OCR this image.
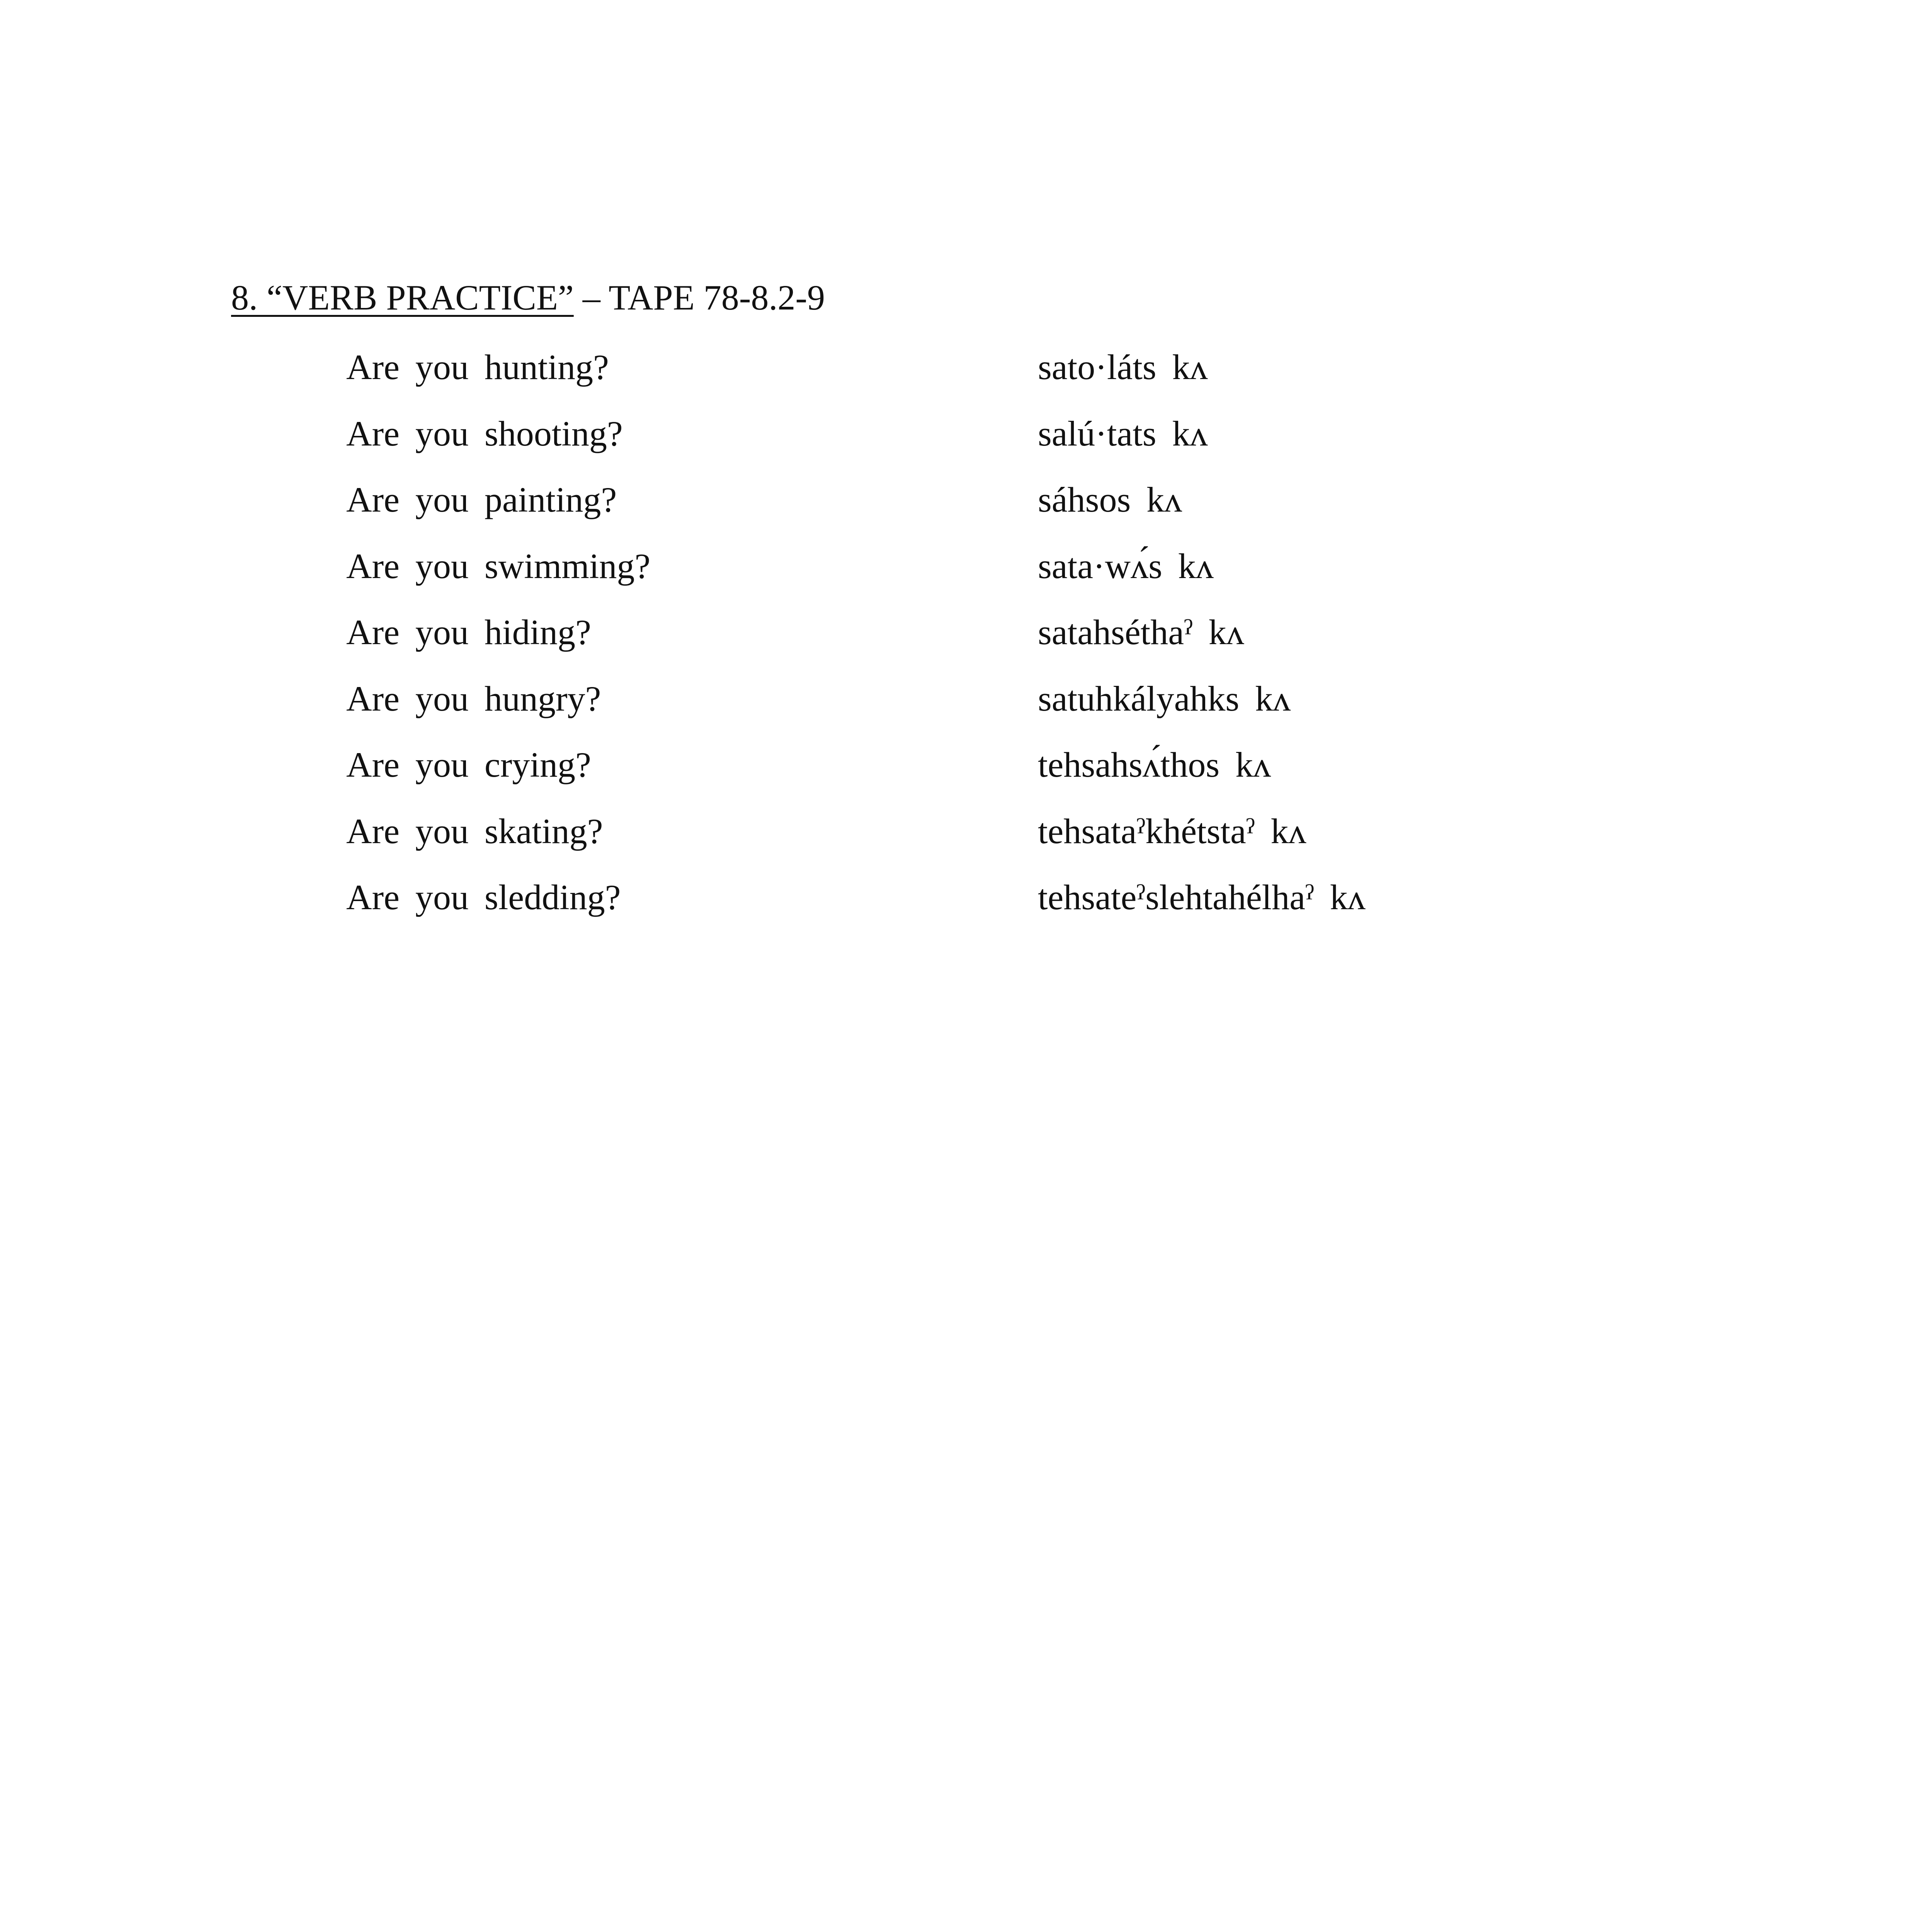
8. “VERB PRACTICE” – TAPE 78-8.2-9
Are you hunting?	sato·láts kʌ
Are you shooting?	salú·tats kʌ
Are you painting?	sáhsos kʌ
Are you swimming?	sata·wʌ́s kʌ
Are you hiding?	satahséthaˀ kʌ
Are you hungry?	satuhkályahks kʌ
Are you crying?	tehsahsʌ́thos kʌ
Are you skating?	tehsataˀkhétstaˀ kʌ
Are you sledding?	tehsateˀslehtahélhaˀ kʌ
